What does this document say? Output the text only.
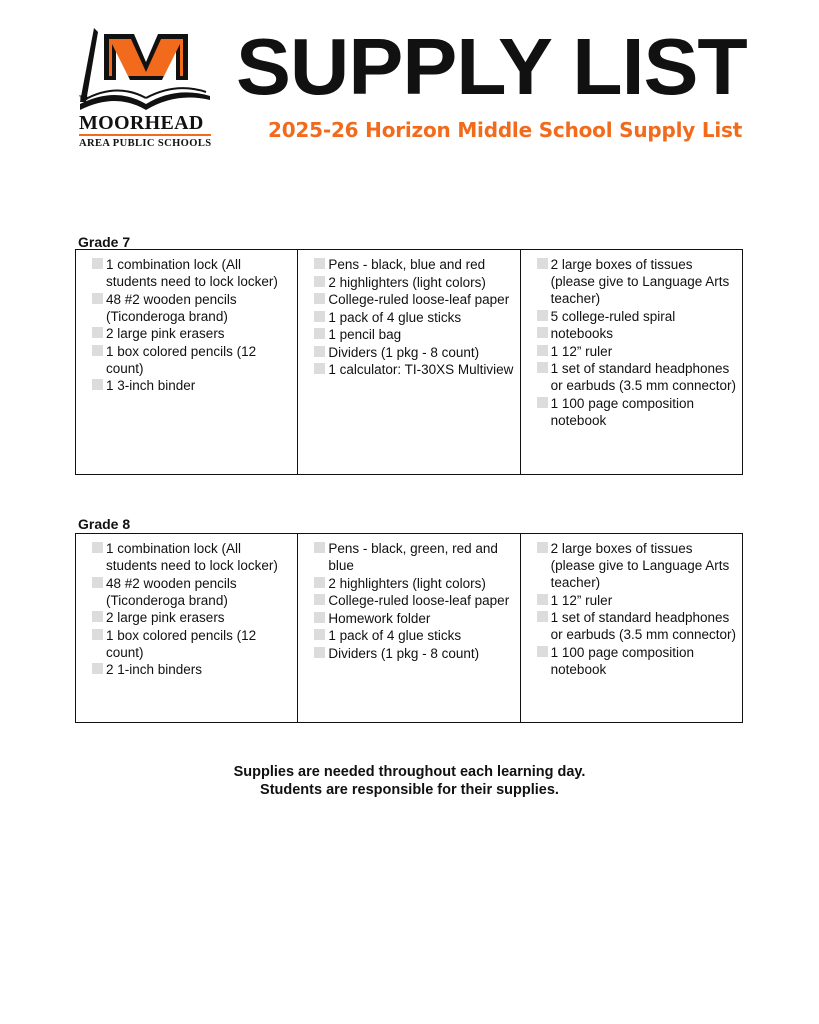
TM
MOORHEAD
AREA PUBLIC SCHOOLS
SUPPLY LIST
2025-26 Horizon Middle School Supply List
Grade 7
1 combination lock (All students need to lock locker)
48 #2 wooden pencils (Ticonderoga brand)
2 large pink erasers
1 box colored pencils (12 count)
1 3-inch binder
Pens - black, blue and red
2 highlighters (light colors)
College-ruled loose-leaf paper
1 pack of 4 glue sticks
1 pencil bag
Dividers (1 pkg - 8 count)
1 calculator: TI-30XS Multiview
2 large boxes of tissues (please give to Language Arts teacher)
5 college-ruled spiral
notebooks
1 12” ruler
1 set of standard headphones or earbuds (3.5 mm connector)
1 100 page composition notebook
Grade 8
1 combination lock (All students need to lock locker)
48 #2 wooden pencils (Ticonderoga brand)
2 large pink erasers
1 box colored pencils (12 count)
2 1-inch binders
Pens - black, green, red and blue
2 highlighters (light colors)
College-ruled loose-leaf paper
Homework folder
1 pack of 4 glue sticks
Dividers (1 pkg - 8 count)
2 large boxes of tissues (please give to Language Arts teacher)
1 12” ruler
1 set of standard headphones or earbuds (3.5 mm connector)
1 100 page composition notebook
Supplies are needed throughout each learning day.
Students are responsible for their supplies.
